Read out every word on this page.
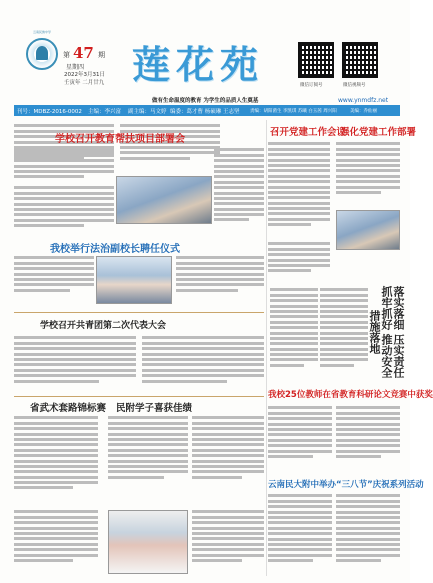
云南民族中学
第 47 期
星期四
2022年3月31日
壬寅年 二月廿九 莲花苑
做有生命温度的教育 为学生的品质人生奠基
微信订阅号	微信视频号
刊号：MDBZ-2016-0002 主编：李兴富 副主编：马文婷 编委：葛才曹 杨硕琳 王志坚 责编：胡阳菌生 李凯琪 苏曦 白玉茜 周兴阳	美编：乔仙丽
www.ynmdfz.net
学校召开教育帮扶项目部署会
我校举行法治副校长聘任仪式
学校召开共青团第二次代表大会
召开党建工作会议
强化党建工作部署
落实落细
抓牢抓好
压实责任
推动安全
措施落地
我校25位教师在省教育科研论文竞赛中获奖
省武术套路锦标赛 民附学子喜获佳绩
云南民大附中举办“三八节”庆祝系列活动
